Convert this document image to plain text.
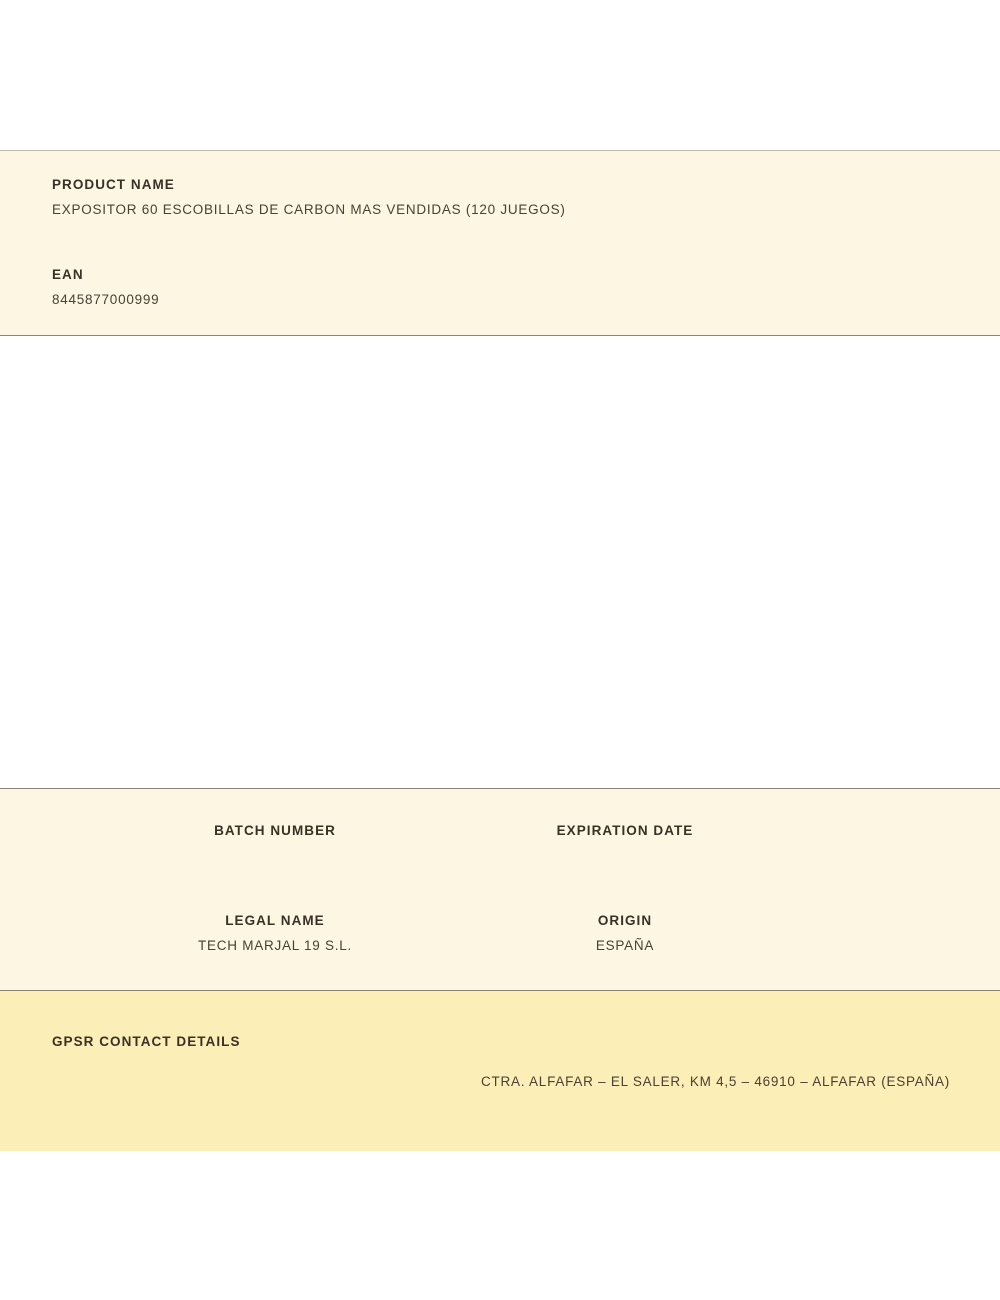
PRODUCT NAME

EXPOSITOR 60 ESCOBILLAS DE CARBON MAS VENDIDAS (120 JUEGOS)

EAN

8445877000999

BATCH NUMBER	EXPIRATION DATE

LEGAL NAME

TECH MARJAL 19 S.L.

ORIGIN

ESPAÑA

GPSR CONTACT DETAILS
CTRA. ALFAFAR – EL SALER, KM 4,5 – 46910 – ALFAFAR (ESPAÑA)
